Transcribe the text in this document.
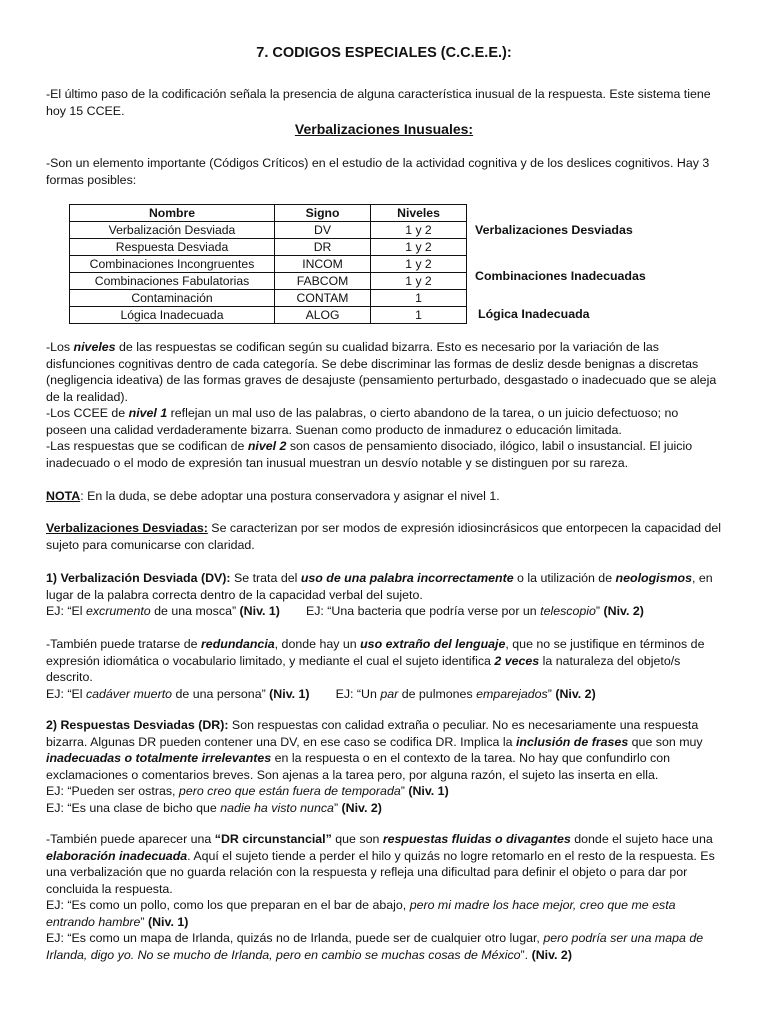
7. CODIGOS ESPECIALES (C.C.E.E.):

-El último paso de la codificación señala la presencia de alguna característica inusual de la respuesta. Este sistema tiene hoy 15 CCEE.

Verbalizaciones Inusuales:

-Son un elemento importante (Códigos Críticos) en el estudio de la actividad cognitiva y de los deslices cognitivos. Hay 3 formas posibles:

Nombre	Signo	Niveles
Verbalización Desviada	DV	1 y 2
Respuesta Desviada	DR	1 y 2
Combinaciones Incongruentes	INCOM	1 y 2
Combinaciones Fabulatorias	FABCOM	1 y 2
Contaminación	CONTAM	1
Lógica Inadecuada	ALOG	1
Verbalizaciones Desviadas
Combinaciones Inadecuadas
Lógica Inadecuada

-Los niveles de las respuestas se codifican según su cualidad bizarra. Esto es necesario por la variación de las disfunciones cognitivas dentro de cada categoría. Se debe discriminar las formas de desliz desde benignas a discretas (negligencia ideativa) de las formas graves de desajuste (pensamiento perturbado, desgastado o inadecuado que se aleja de la realidad).

-Los CCEE de nivel 1 reflejan un mal uso de las palabras, o cierto abandono de la tarea, o un juicio defectuoso; no poseen una calidad verdaderamente bizarra. Suenan como producto de inmadurez o educación limitada.

-Las respuestas que se codifican de nivel 2 son casos de pensamiento disociado, ilógico, labil o insustancial. El juicio inadecuado o el modo de expresión tan inusual muestran un desvío notable y se distinguen por su rareza.

NOTA: En la duda, se debe adoptar una postura conservadora y asignar el nivel 1.

Verbalizaciones Desviadas: Se caracterizan por ser modos de expresión idiosincrásicos que entorpecen la capacidad del sujeto para comunicarse con claridad.

1) Verbalización Desviada (DV): Se trata del uso de una palabra incorrectamente o la utilización de neologismos, en lugar de la palabra correcta dentro de la capacidad verbal del sujeto.

EJ: “El excrumento de una mosca” (Niv. 1) EJ: “Una bacteria que podría verse por un telescopio” (Niv. 2)

-También puede tratarse de redundancia, donde hay un uso extraño del lenguaje, que no se justifique en términos de expresión idiomática o vocabulario limitado, y mediante el cual el sujeto identifica 2 veces la naturaleza del objeto/s descrito.

EJ: “El cadáver muerto de una persona” (Niv. 1) EJ: “Un par de pulmones emparejados” (Niv. 2)

2) Respuestas Desviadas (DR): Son respuestas con calidad extraña o peculiar. No es necesariamente una respuesta bizarra. Algunas DR pueden contener una DV, en ese caso se codifica DR. Implica la inclusión de frases que son muy inadecuadas o totalmente irrelevantes en la respuesta o en el contexto de la tarea. No hay que confundirlo con exclamaciones o comentarios breves. Son ajenas a la tarea pero, por alguna razón, el sujeto las inserta en ella.

EJ: “Pueden ser ostras, pero creo que están fuera de temporada” (Niv. 1)

EJ: “Es una clase de bicho que nadie ha visto nunca” (Niv. 2)

-También puede aparecer una “DR circunstancial” que son respuestas fluidas o divagantes donde el sujeto hace una elaboración inadecuada. Aquí el sujeto tiende a perder el hilo y quizás no logre retomarlo en el resto de la respuesta. Es una verbalización que no guarda relación con la respuesta y refleja una dificultad para definir el objeto o para dar por concluida la respuesta.

EJ: “Es como un pollo, como los que preparan en el bar de abajo, pero mi madre los hace mejor, creo que me esta entrando hambre” (Niv. 1)

EJ: “Es como un mapa de Irlanda, quizás no de Irlanda, puede ser de cualquier otro lugar, pero podría ser una mapa de Irlanda, digo yo. No se mucho de Irlanda, pero en cambio se muchas cosas de México”. (Niv. 2)
